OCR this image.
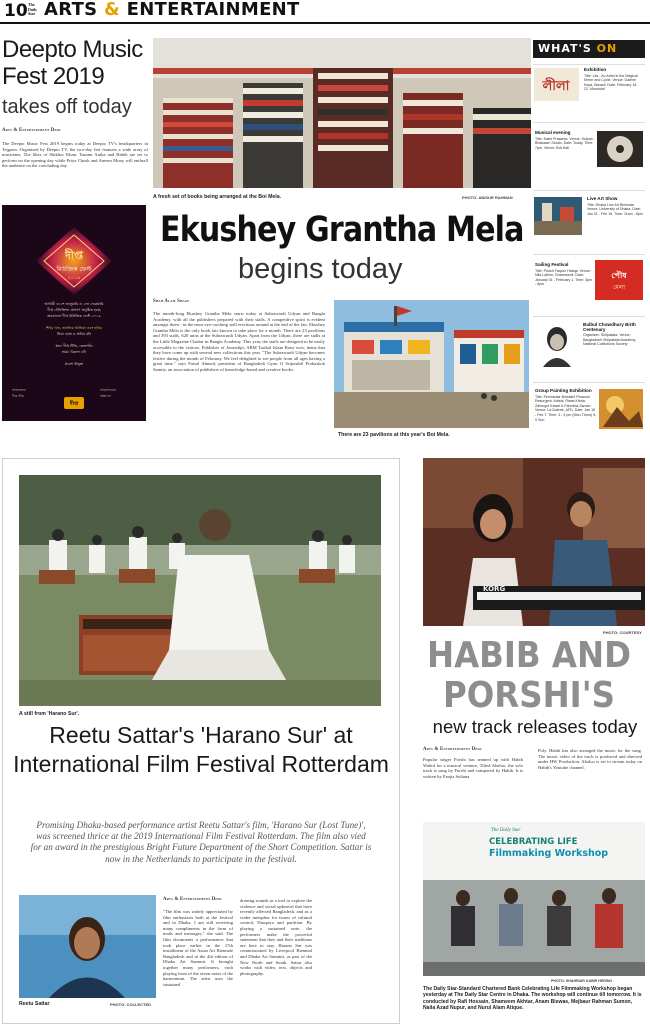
10 The Daily Star ARTS & ENTERTAINMENT
Deepto Music
Fest 2019
takes off today
Arts & Entertainment Desk
The Deepto Music Fest 2019 begins today at Deepto TV's headquarters in Tejgaon. Organised by Deepto TV, the two-day fest features a wide array of musicians. The likes of Shikhor Khan, Tasnim Anika and Habib are set to perform on the opening day while Priya Chosh and Aneem Mony will enthrall the audience on the concluding day.
দীপ্ত
মিউজিক ফেস্ট
২০১৯
আগামী ৩১শে জানুয়ারি ও ১লা ফেব্রুয়ারি
দীপ্ত টেলিভিশন প্রাঙ্গণে অনুষ্ঠিত হচ্ছে
জমকালো দীপ্ত মিউজিক ফেস্ট ২০১৯
শিখর খান, তাসনিম আনিকা এবং হাবিব
প্রিয়া ঘোষ ও অনিম মনি
স্থান: দীপ্ত টিভি, তেজগাঁও
সময়: বিকাল ৪টা
প্রবেশ উন্মুক্ত
আয়োজনে
দীপ্ত টিভি
সহযোগিতায়
বিজ্ঞাপন
দীপ্ত
A fresh set of books being arranged at the Boi Mela.	PHOTO: ANISUR RAHMAN
Ekushey Grantha Mela
begins today
Shah Alam Shazu
The month-long Ekushey Grantha Mela starts today at Suhrawardi Udyan and Bangla Academy, with all the publishers prepared with their stalls. A competitive spirit is evident amongst them - in the most eye-catching stall erections around at the end of the fair. Ekushey Grantha Mela is the only book fair known to take place for a month. There are 23 pavilions and 393 stalls, 620 units at the Suhrawardi Udyan. Apart from the Udyan, there are stalls at the Little Magazine Chattar in Bangla Academy. This year, the stalls are designed to be easily accessible to the visitors. Publisher of Jawnalipi, ABM Tarikul Islam Rony now, items that they have come up with several new collections this year. "The Suhrawardi Udyan becomes festive during the month of February. We feel delighted to see people from all ages having a great time," says Faisal Ahmed, president of Bangladesh Gyan O Srijonshil Prokashok Samity, an association of publishers of knowledge-based and creative books.
There are 23 pavilions at this year's Boi Mela.
WHAT'S ON
লীলা
Exhibition
Title: Lila - An Artist in the Magical Mirror and Cycle. Venue: Galerie Kaya, Banani. Date: February 18 - 22. Mondolai
Musical evening
Title: Kabir Prasanta. Venue: Sufyan Bhabaam Studio. Date: Today. Time: 7pm. Venue: BIA Hall
Live Art Show
Title: Dhaka Live Art Biennale. Venue: University of Dhaka. Date: Jan 31 - Feb 15. Time: 11am - 8pm
Sailing Festival
Title: Poush Faquer Hatiqa. Venue: Nita Lalhim, Dhanmondi. Date: January 31 - February 1. Time: 3pm - 8pm
পৌষ
মেলা
Bulbul Chowdhury Birth Centenary
Organiser: Shilpakala. Venue: Bangladesh Shilpakala Academy. National Collections Society
Group Painting Exhibition
Title: Peninsular Boisakhi Peacock Resurgent. Artists: Rawa Kibria, Zahurgol Kawal & Fahmida Zaman. Venue: La Galerie, AFD. Date: Jan 18 - Feb 7. Time: 3 - 9 pm (Mon-Thurs) 9-9 Sun
A still from 'Harano Sur'.
Reetu Sattar's 'Harano Sur' at International Film Festival Rotterdam
Promising Dhaka-based performance artist Reetu Sattar's film, 'Harano Sur (Lost Tune)', was screened thrice at the 2019 International Film Festival Rotterdam. The film also vied for an award in the prestigious Bright Future Department of the Short Competition. Sattar is now in the Netherlands to participate in the festival.
Reetu Sattar	PHOTO: COLLECTED
Arts & Entertainment Desk
"The film was widely appreciated by film enthusiasts both at the festival and in Dhaka. I am still receiving many compliments in the form of mails and messages," she said. The film documents a performance that took place earlier in the 17th installment of the Asian Art Biennale Bangladesh and at the 4th edition of Dhaka Art Summit. It brought together many performers, each playing from of the seven notes of the harmonium. The artist uses the sustained
droning sounds as a tool to explore the violence and social upheaval that have recently affected Bangladesh, and as a wider metaphor for issues of cultural control, Diaspora and partition. By playing a sustained note, the performers make the powerful statement that they and their traditions are here to stay. Harano Sur was commissioned by Liverpool Biennial and Dhaka Art Summit, as part of the New North and South. Sattar also works with video, text, objects and photography.
KORG
PHOTO: COURTESY
HABIB AND
PORSHI'S
new track releases today
Arts & Entertainment Desk
Popular singer Porshi has teamed up with Habib Wahid for a musical venture, Tilted Abaloo, the solo track is sung by Porshi and composed by Habib. It is written by Fanjia Sultana
Poly. Habib has also arranged the music for the song. The music video of the track is produced and directed under HW Production. Abaloo is set to stream today on Habib's Youtube channel.
The Daily Star
CELEBRATING LIFE
Filmmaking Workshop
PHOTO: SHAHRIAR KABIR HERINO
The Daily Star-Standard Chartered Bank Celebrating Life Filmmaking Workshop began yesterday at The Daily Star Centre in Dhaka. The workshop will continue till tomorrow. It is conducted by Rafi Hossain, Shameem Akhtar, Anam Biswas, Mejbaur Rahman Sumon, Naila Azad Nupur, and Nurul Alam Atique.
